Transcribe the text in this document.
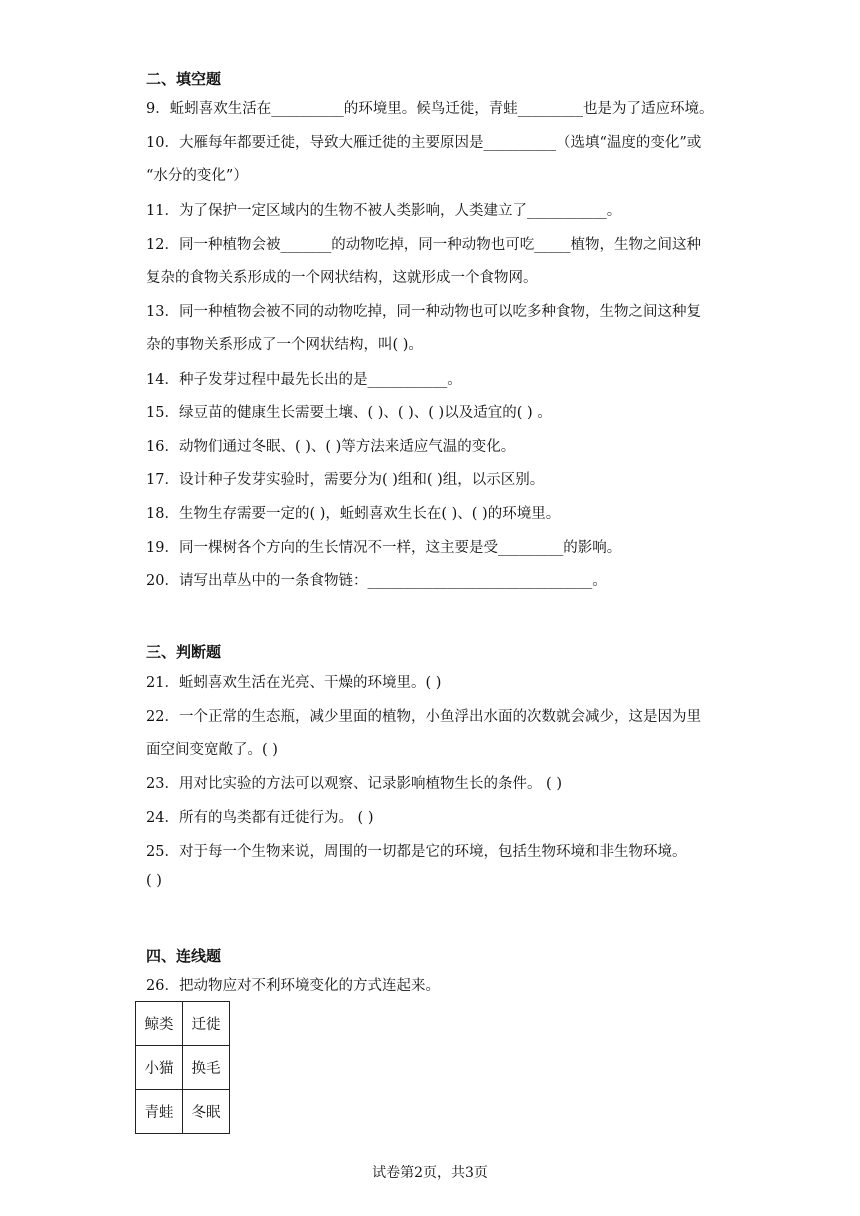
二、填空题
9．蚯蚓喜欢生活在__________的环境里。候鸟迁徙，青蛙_________也是为了适应环境。
10．大雁每年都要迁徙，导致大雁迁徙的主要原因是__________（选填“温度的变化”或
“水分的变化”）
11．为了保护一定区域内的生物不被人类影响，人类建立了___________。
12．同一种植物会被_______的动物吃掉，同一种动物也可吃_____植物，生物之间这种
复杂的食物关系形成的一个网状结构，这就形成一个食物网。
13．同一种植物会被不同的动物吃掉，同一种动物也可以吃多种食物，生物之间这种复
杂的事物关系形成了一个网状结构，叫( )。
14．种子发芽过程中最先长出的是___________。
15．绿豆苗的健康生长需要土壤、( )、( )、( )以及适宜的( ) 。
16．动物们通过冬眠、( )、( )等方法来适应气温的变化。
17．设计种子发芽实验时，需要分为( )组和( )组，以示区别。
18．生物生存需要一定的( )，蚯蚓喜欢生长在( )、( )的环境里。
19．同一棵树各个方向的生长情况不一样，这主要是受_________的影响。
20．请写出草丛中的一条食物链：_______________________________。
三、判断题
21．蚯蚓喜欢生活在光亮、干燥的环境里。( )
22．一个正常的生态瓶，减少里面的植物，小鱼浮出水面的次数就会减少，这是因为里
面空间变宽敞了。( )
23．用对比实验的方法可以观察、记录影响植物生长的条件。 ( )
24．所有的鸟类都有迁徙行为。 ( )
25．对于每一个生物来说，周围的一切都是它的环境，包括生物环境和非生物环境。
( )
四、连线题
26．把动物应对不利环境变化的方式连起来。
鲸类	迁徙
小猫	换毛
青蛙	冬眠
试卷第2页，共3页
